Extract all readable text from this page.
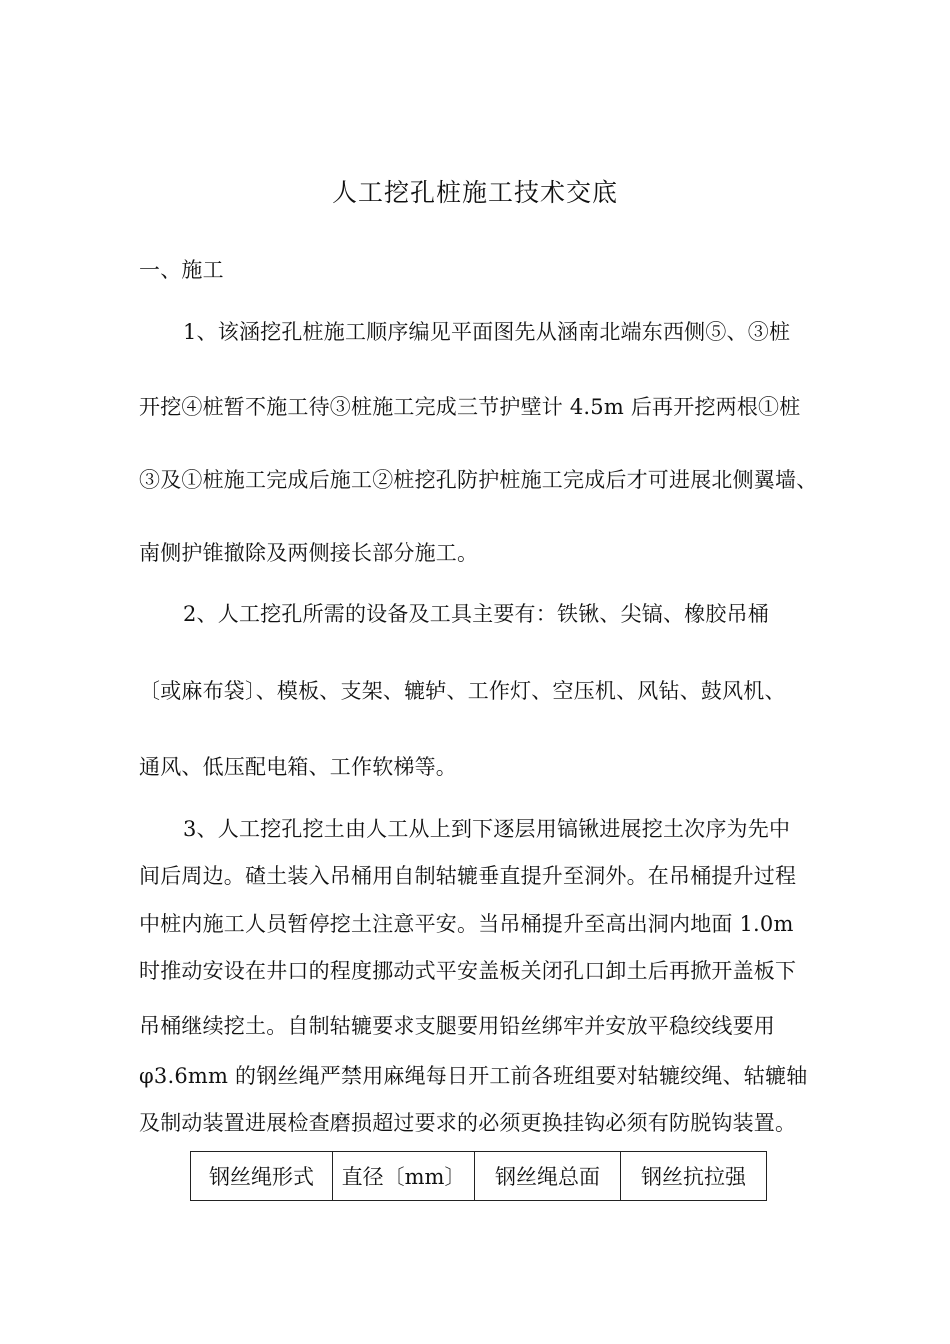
人工挖孔桩施工技术交底
一、施工
1、该涵挖孔桩施工顺序编见平面图先从涵南北端东西侧⑤、③桩
开挖④桩暂不施工待③桩施工完成三节护壁计 4.5m 后再开挖两根①桩
③及①桩施工完成后施工②桩挖孔防护桩施工完成后才可进展北侧翼墙、
南侧护锥撤除及两侧接长部分施工。
2、人工挖孔所需的设备及工具主要有：铁锹、尖镐、橡胶吊桶
〔或麻布袋〕、模板、支架、辘轳、工作灯、空压机、风钻、鼓风机、
通风、低压配电箱、工作软梯等。
3、人工挖孔挖土由人工从上到下逐层用镐锹进展挖土次序为先中
间后周边。碴土装入吊桶用自制轱辘垂直提升至洞外。在吊桶提升过程
中桩内施工人员暂停挖土注意平安。当吊桶提升至高出洞内地面 1.0m
时推动安设在井口的程度挪动式平安盖板关闭孔口卸土后再掀开盖板下
吊桶继续挖土。自制轱辘要求支腿要用铅丝绑牢并安放平稳绞线要用
φ3.6mm 的钢丝绳严禁用麻绳每日开工前各班组要对轱辘绞绳、轱辘轴
及制动装置进展检查磨损超过要求的必须更换挂钩必须有防脱钩装置。
钢丝绳形式	直径〔mm〕	钢丝绳总面	钢丝抗拉强
